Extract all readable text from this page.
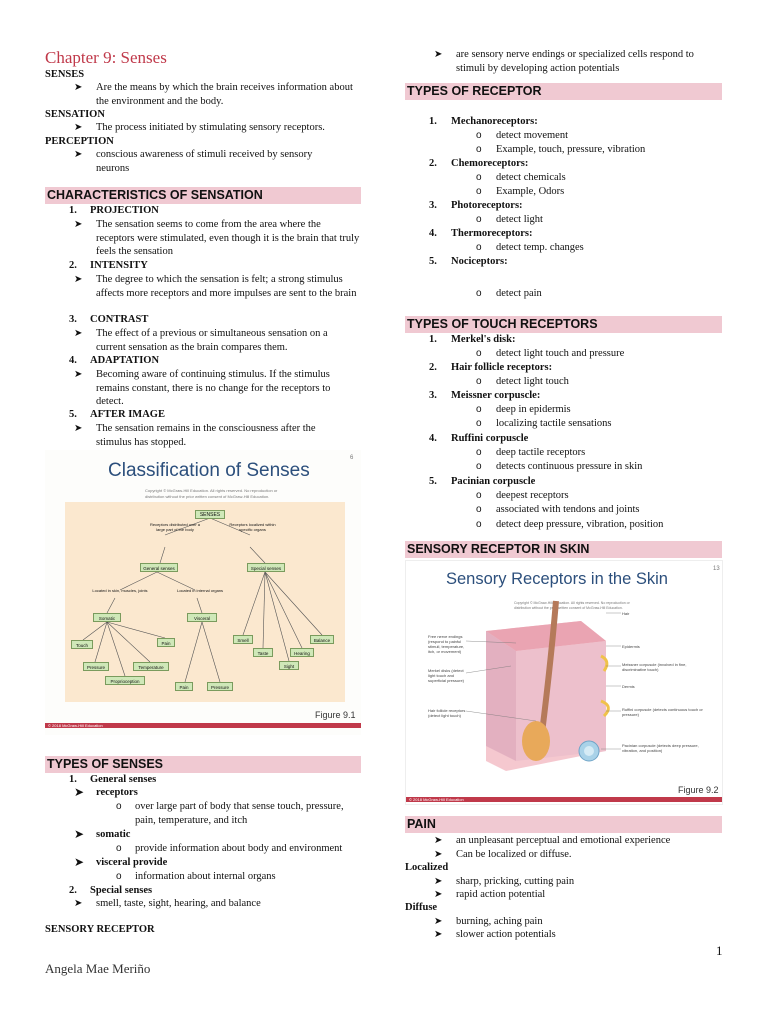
Chapter 9: Senses
SENSES
➤ Are the means by which the brain receives information about the environment and the body.
SENSATION
➤ The process initiated by stimulating sensory receptors.
PERCEPTION
➤ conscious awareness of stimuli received by sensory neurons
CHARACTERISTICS OF SENSATION
1. PROJECTION
➤ The sensation seems to come from the area where the receptors were stimulated, even though it is the brain that truly feels the sensation
2. INTENSITY
➤ The degree to which the sensation is felt; a strong stimulus affects more receptors and more impulses are sent to the brain
3. CONTRAST
➤ The effect of a previous or simultaneous sensation on a current sensation as the brain compares them.
4. ADAPTATION
➤ Becoming aware of continuing stimulus. If the stimulus remains constant, there is no change for the receptors to detect.
5. AFTER IMAGE
➤ The sensation remains in the consciousness after the stimulus has stopped.
Classification of Senses
6
Copyright © McGraw-Hill Education. All rights reserved. No reproduction or distribution without the prior written consent of McGraw-Hill Education.
SENSES
Receptors distributed over a large part of the body
Receptors localized within specific organs
General senses	Special senses
Located in skin, muscles, joints	Located in internal organs
Somatic	Visceral
Touch	Pain
Pressure	Temperature
Proprioception
Pain	Pressure
Smell
Taste
Sight
Hearing
Balance
Figure 9.1
© 2018 McGraw-Hill Education
TYPES OF SENSES
1. General senses
➤ receptors
o over large part of body that sense touch, pressure, pain, temperature, and itch
➤ somatic
o provide information about body and environment
➤ visceral provide
o information about internal organs
2. Special senses
➤ smell, taste, sight, hearing, and balance
SENSORY RECEPTOR
➤ are sensory nerve endings or specialized cells respond to stimuli by developing action potentials
TYPES OF RECEPTOR
1. Mechanoreceptors:
o detect movement
o Example, touch, pressure, vibration
2. Chemoreceptors:
o detect chemicals
o Example, Odors
3. Photoreceptors:
o detect light
4. Thermoreceptors:
o detect temp. changes
5. Nociceptors:
o detect pain
TYPES OF TOUCH RECEPTORS
1. Merkel's disk:
o detect light touch and pressure
2. Hair follicle receptors:
o detect light touch
3. Meissner corpuscle:
o deep in epidermis
o localizing tactile sensations
4. Ruffini corpuscle
o deep tactile receptors
o detects continuous pressure in skin
5. Pacinian corpuscle
o deepest receptors
o associated with tendons and joints
o detect deep pressure, vibration, position
SENSORY RECEPTOR IN SKIN
Sensory Receptors in the Skin
13
Copyright © McGraw-Hill Education. All rights reserved. No reproduction or distribution without the prior written consent of McGraw-Hill Education.
Free nerve endings (respond to painful stimuli, temperature, itch, or movement)
Merkel disks (detect light touch and superficial pressure)
Hair follicle receptors (detect light touch)
Hair
Epidermis
Meissner corpuscle (involved in fine, discriminative touch)
Dermis
Ruffini corpuscle (detects continuous touch or pressure)
Pacinian corpuscle (detects deep pressure, vibration, and position)
Figure 9.2
© 2018 McGraw-Hill Education
PAIN
➤ an unpleasant perceptual and emotional experience
➤ Can be localized or diffuse.
Localized
➤ sharp, pricking, cutting pain
➤ rapid action potential
Diffuse
➤ burning, aching pain
➤ slower action potentials
1
Angela Mae Meriño
